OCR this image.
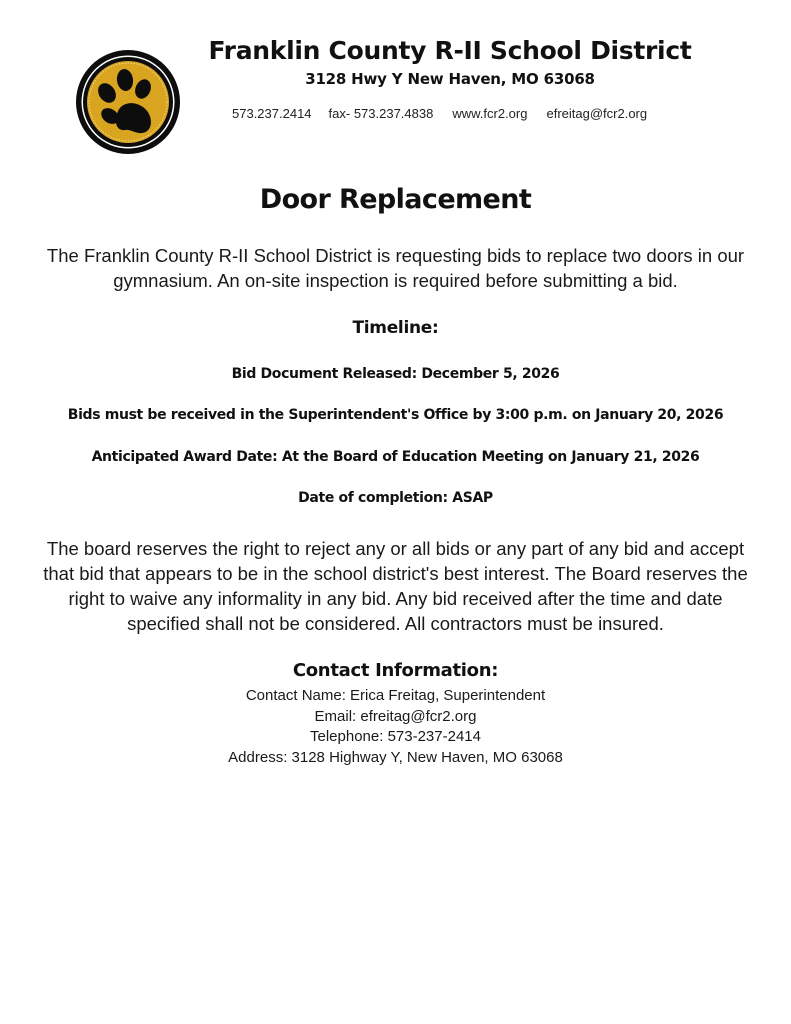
Franklin County R-II School District
3128 Hwy Y New Haven, MO 63068
573.237.2414 fax- 573.237.4838 www.fcr2.org efreitag@fcr2.org
Door Replacement
The Franklin County R-II School District is requesting bids to replace two doors in our gymnasium. An on-site inspection is required before submitting a bid.
Timeline:
Bid Document Released: December 5, 2026
Bids must be received in the Superintendent's Office by 3:00 p.m. on January 20, 2026
Anticipated Award Date: At the Board of Education Meeting on January 21, 2026
Date of completion: ASAP
The board reserves the right to reject any or all bids or any part of any bid and accept that bid that appears to be in the school district's best interest. The Board reserves the right to waive any informality in any bid. Any bid received after the time and date specified shall not be considered. All contractors must be insured.
Contact Information:
Contact Name: Erica Freitag, Superintendent
Email: efreitag@fcr2.org
Telephone: 573-237-2414
Address: 3128 Highway Y, New Haven, MO 63068
